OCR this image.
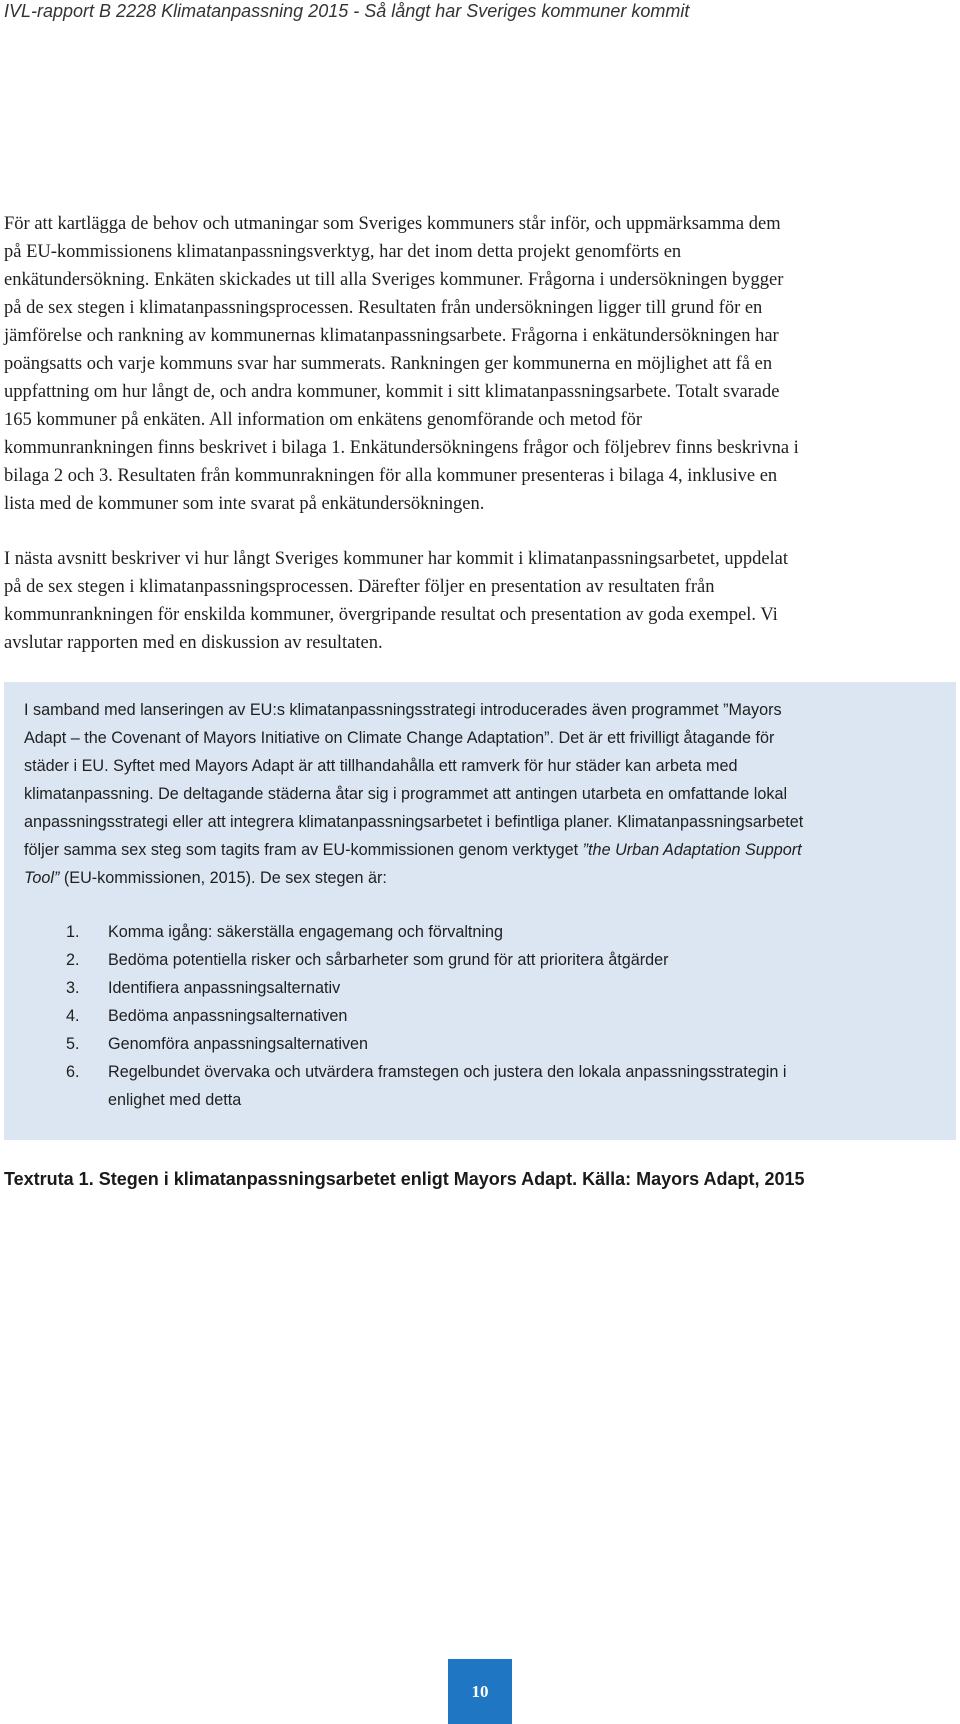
IVL-rapport B 2228 Klimatanpassning 2015 - Så långt har Sveriges kommuner kommit
För att kartlägga de behov och utmaningar som Sveriges kommuners står inför, och uppmärksamma dem
på EU-kommissionens klimatanpassningsverktyg, har det inom detta projekt genomförts en
enkätundersökning. Enkäten skickades ut till alla Sveriges kommuner. Frågorna i undersökningen bygger
på de sex stegen i klimatanpassningsprocessen. Resultaten från undersökningen ligger till grund för en
jämförelse och rankning av kommunernas klimatanpassningsarbete. Frågorna i enkätundersökningen har
poängsatts och varje kommuns svar har summerats. Rankningen ger kommunerna en möjlighet att få en
uppfattning om hur långt de, och andra kommuner, kommit i sitt klimatanpassningsarbete. Totalt svarade
165 kommuner på enkäten. All information om enkätens genomförande och metod för
kommunrankningen finns beskrivet i bilaga 1. Enkätundersökningens frågor och följebrev finns beskrivna i
bilaga 2 och 3. Resultaten från kommunrakningen för alla kommuner presenteras i bilaga 4, inklusive en
lista med de kommuner som inte svarat på enkätundersökningen.
I nästa avsnitt beskriver vi hur långt Sveriges kommuner har kommit i klimatanpassningsarbetet, uppdelat
på de sex stegen i klimatanpassningsprocessen. Därefter följer en presentation av resultaten från
kommunrankningen för enskilda kommuner, övergripande resultat och presentation av goda exempel. Vi
avslutar rapporten med en diskussion av resultaten.
I samband med lanseringen av EU:s klimatanpassningsstrategi introducerades även programmet ”Mayors
Adapt – the Covenant of Mayors Initiative on Climate Change Adaptation”. Det är ett frivilligt åtagande för
städer i EU. Syftet med Mayors Adapt är att tillhandahålla ett ramverk för hur städer kan arbeta med
klimatanpassning. De deltagande städerna åtar sig i programmet att antingen utarbeta en omfattande lokal
anpassningsstrategi eller att integrera klimatanpassningsarbetet i befintliga planer. Klimatanpassningsarbetet
följer samma sex steg som tagits fram av EU-kommissionen genom verktyget ”the Urban Adaptation Support
Tool” (EU-kommissionen, 2015). De sex stegen är:
1. Komma igång: säkerställa engagemang och förvaltning
2. Bedöma potentiella risker och sårbarheter som grund för att prioritera åtgärder
3. Identifiera anpassningsalternativ
4. Bedöma anpassningsalternativen
5. Genomföra anpassningsalternativen
6. Regelbundet övervaka och utvärdera framstegen och justera den lokala anpassningsstrategin i
enlighet med detta
Textruta 1. Stegen i klimatanpassningsarbetet enligt Mayors Adapt. Källa: Mayors Adapt, 2015
10
